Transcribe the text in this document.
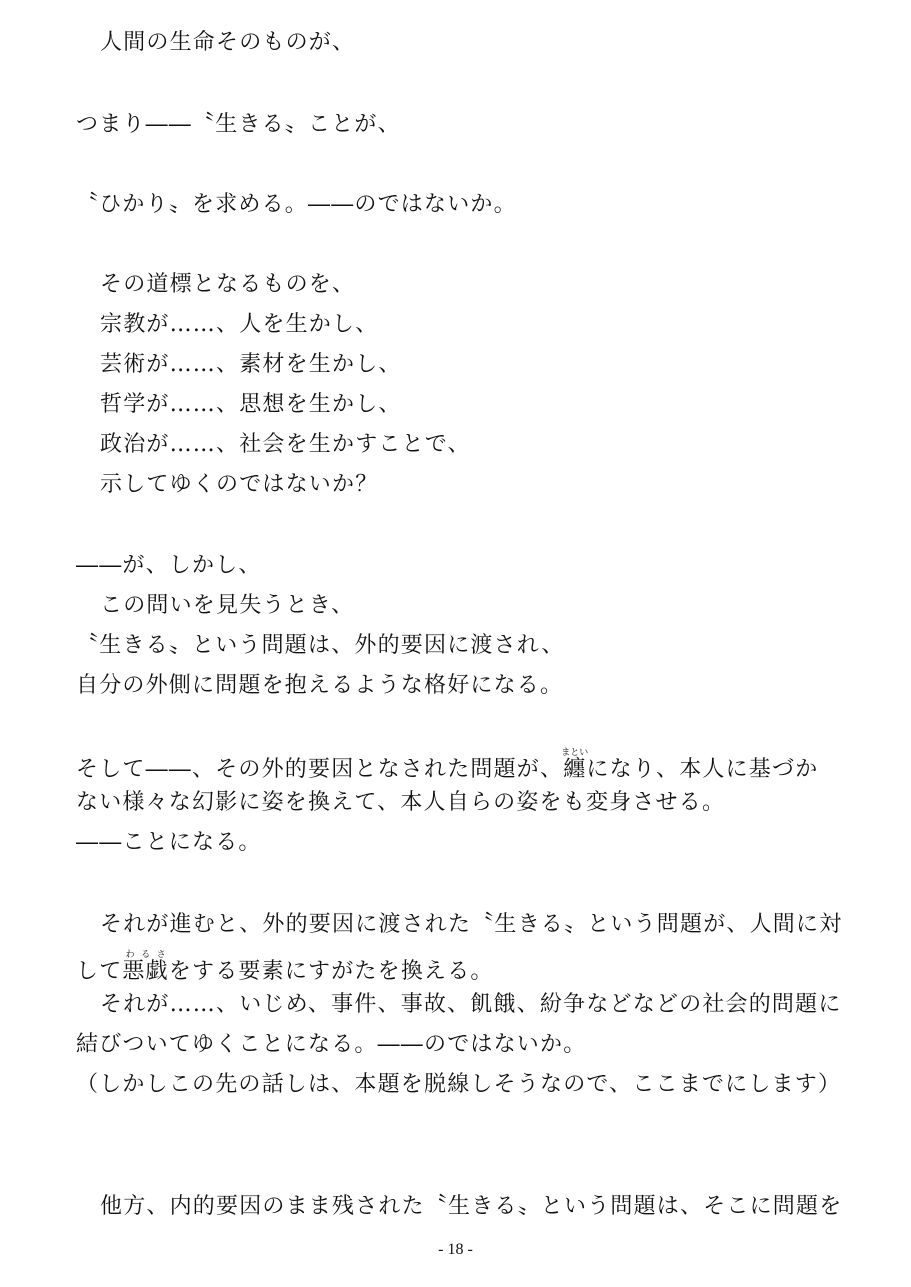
人間の生命そのものが、
つまり――〝生きる〟ことが、
〝ひかり〟を求める。――のではないか。
その道標となるものを、
宗教が……、人を生かし、
芸術が……、素材を生かし、
哲学が……、思想を生かし、
政治が……、社会を生かすことで、
示してゆくのではないか？
――が、しかし、
この問いを見失うとき、
〝生きる〟という問題は、外的要因に渡され、
自分の外側に問題を抱えるような格好になる。
そして――、その外的要因となされた問題が、纏まといになり、本人に基づか
ない様々な幻影に姿を換えて、本人自らの姿をも変身させる。
――ことになる。
それが進むと、外的要因に渡された〝生きる〟という問題が、人間に対
して悪戯わるさをする要素にすがたを換える。
それが……、いじめ、事件、事故、飢餓、紛争などなどの社会的問題に
結びついてゆくことになる。――のではないか。
（しかしこの先の話しは、本題を脱線しそうなので、ここまでにします）
他方、内的要因のまま残された〝生きる〟という問題は、そこに問題を
- 18 -
